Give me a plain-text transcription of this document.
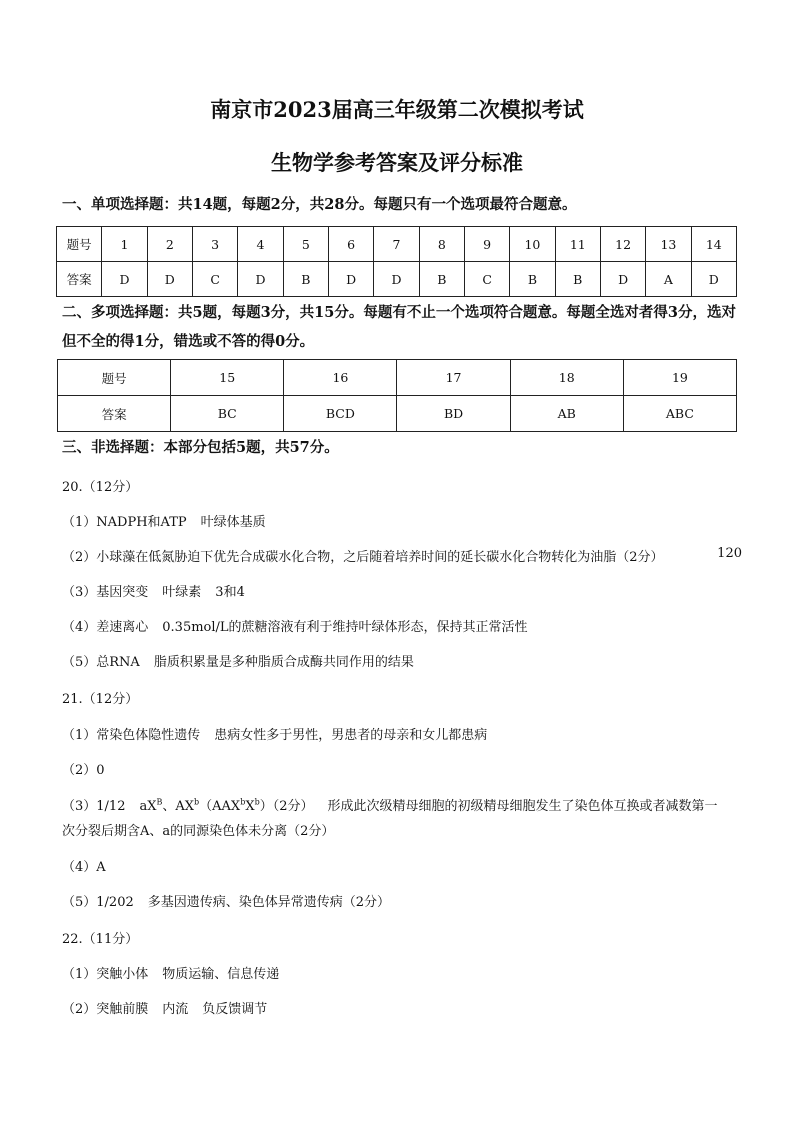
南京市2023届高三年级第二次模拟考试
生物学参考答案及评分标准
一、单项选择题：共14题，每题2分，共28分。每题只有一个选项最符合题意。
题号	1	2	3	4	5	6	7	8	9	10	11	12	13	14
答案	D	D	C	D	B	D	D	B	C	B	B	D	A	D
二、多项选择题：共5题，每题3分，共15分。每题有不止一个选项符合题意。每题全选对者得3分，选对但不全的得1分，错选或不答的得0分。
题号	15	16	17	18	19
答案	BC	BCD	BD	AB	ABC
三、非选择题：本部分包括5题，共57分。
20.（12分）
（1）NADPH和ATP 叶绿体基质
（2）小球藻在低氮胁迫下优先合成碳水化合物，之后随着培养时间的延长碳水化合物转化为油脂（2分）	120
（3）基因突变 叶绿素 3和4
（4）差速离心 0.35mol/L的蔗糖溶液有利于维持叶绿体形态，保持其正常活性
（5）总RNA 脂质积累量是多种脂质合成酶共同作用的结果
21.（12分）
（1）常染色体隐性遗传 患病女性多于男性，男患者的母亲和女儿都患病
（2）0
（3）1/12 $aX^B$、$AX^b(AAX^bX^b)(2$分） 形成此次级精母细胞的初级精母细胞发生了染色体互换或者减数第一
次分裂后期含A、a的同源染色体未分离（2分）
（4）A
（5）1/202 多基因遗传病、染色体异常遗传病（2分）
22.（11分）
（1）突触小体 物质运输、信息传递
（2）突触前膜 内流 负反馈调节
